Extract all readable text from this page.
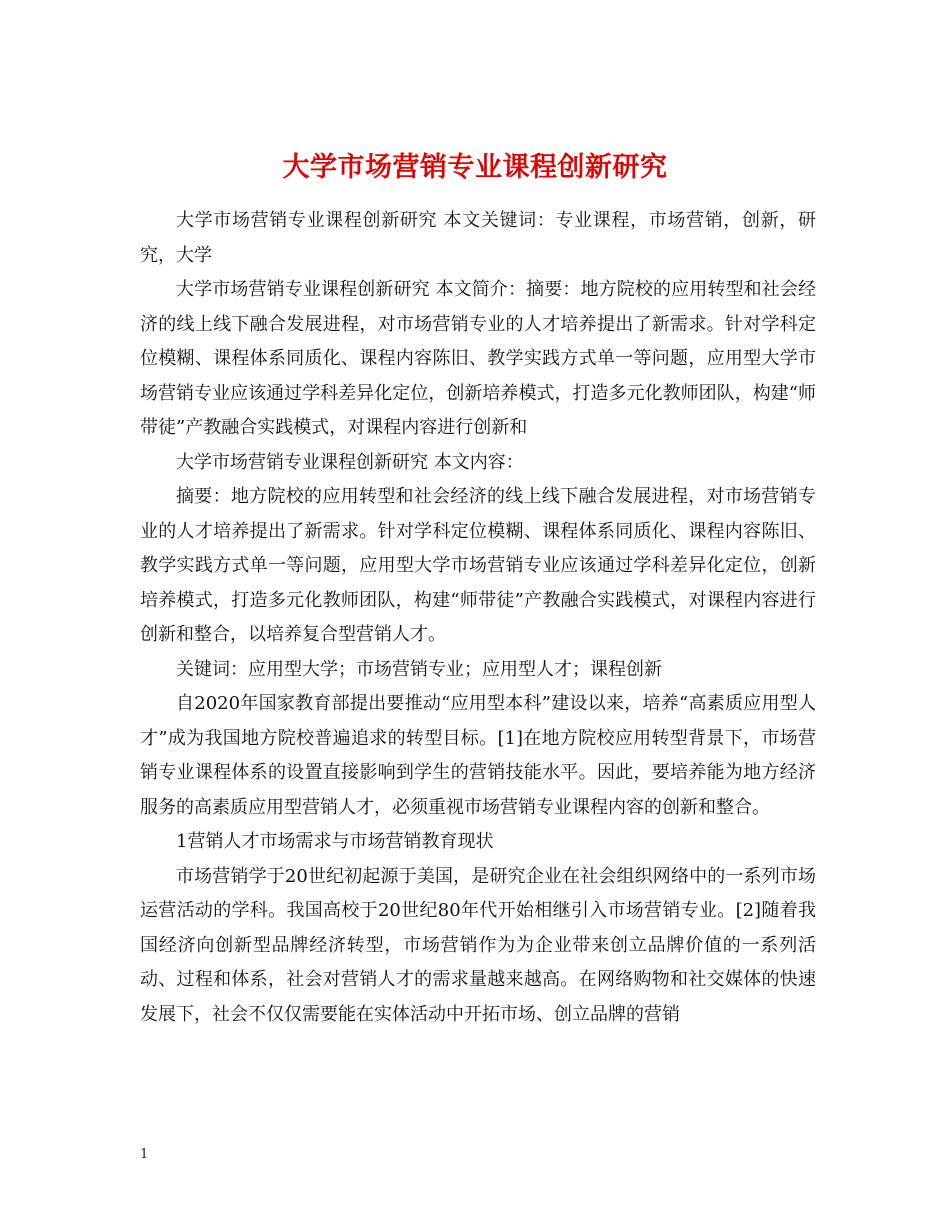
大学市场营销专业课程创新研究

大学市场营销专业课程创新研究 本文关键词：专业课程，市场营销，创新，研究，大学

大学市场营销专业课程创新研究 本文简介：摘要：地方院校的应用转型和社会经济的线上线下融合发展进程，对市场营销专业的人才培养提出了新需求。针对学科定位模糊、课程体系同质化、课程内容陈旧、教学实践方式单一等问题，应用型大学市场营销专业应该通过学科差异化定位，创新培养模式，打造多元化教师团队，构建“师带徒”产教融合实践模式，对课程内容进行创新和

大学市场营销专业课程创新研究 本文内容：

摘要：地方院校的应用转型和社会经济的线上线下融合发展进程，对市场营销专业的人才培养提出了新需求。针对学科定位模糊、课程体系同质化、课程内容陈旧、教学实践方式单一等问题，应用型大学市场营销专业应该通过学科差异化定位，创新培养模式，打造多元化教师团队，构建“师带徒”产教融合实践模式，对课程内容进行创新和整合，以培养复合型营销人才。

关键词：应用型大学；市场营销专业；应用型人才；课程创新

自2020年国家教育部提出要推动“应用型本科”建设以来，培养“高素质应用型人才”成为我国地方院校普遍追求的转型目标。[1]在地方院校应用转型背景下，市场营销专业课程体系的设置直接影响到学生的营销技能水平。因此，要培养能为地方经济服务的高素质应用型营销人才，必须重视市场营销专业课程内容的创新和整合。

1营销人才市场需求与市场营销教育现状

市场营销学于20世纪初起源于美国，是研究企业在社会组织网络中的一系列市场运营活动的学科。我国高校于20世纪80年代开始相继引入市场营销专业。[2]随着我国经济向创新型品牌经济转型，市场营销作为为企业带来创立品牌价值的一系列活动、过程和体系，社会对营销人才的需求量越来越高。在网络购物和社交媒体的快速发展下，社会不仅仅需要能在实体活动中开拓市场、创立品牌的营销

1
